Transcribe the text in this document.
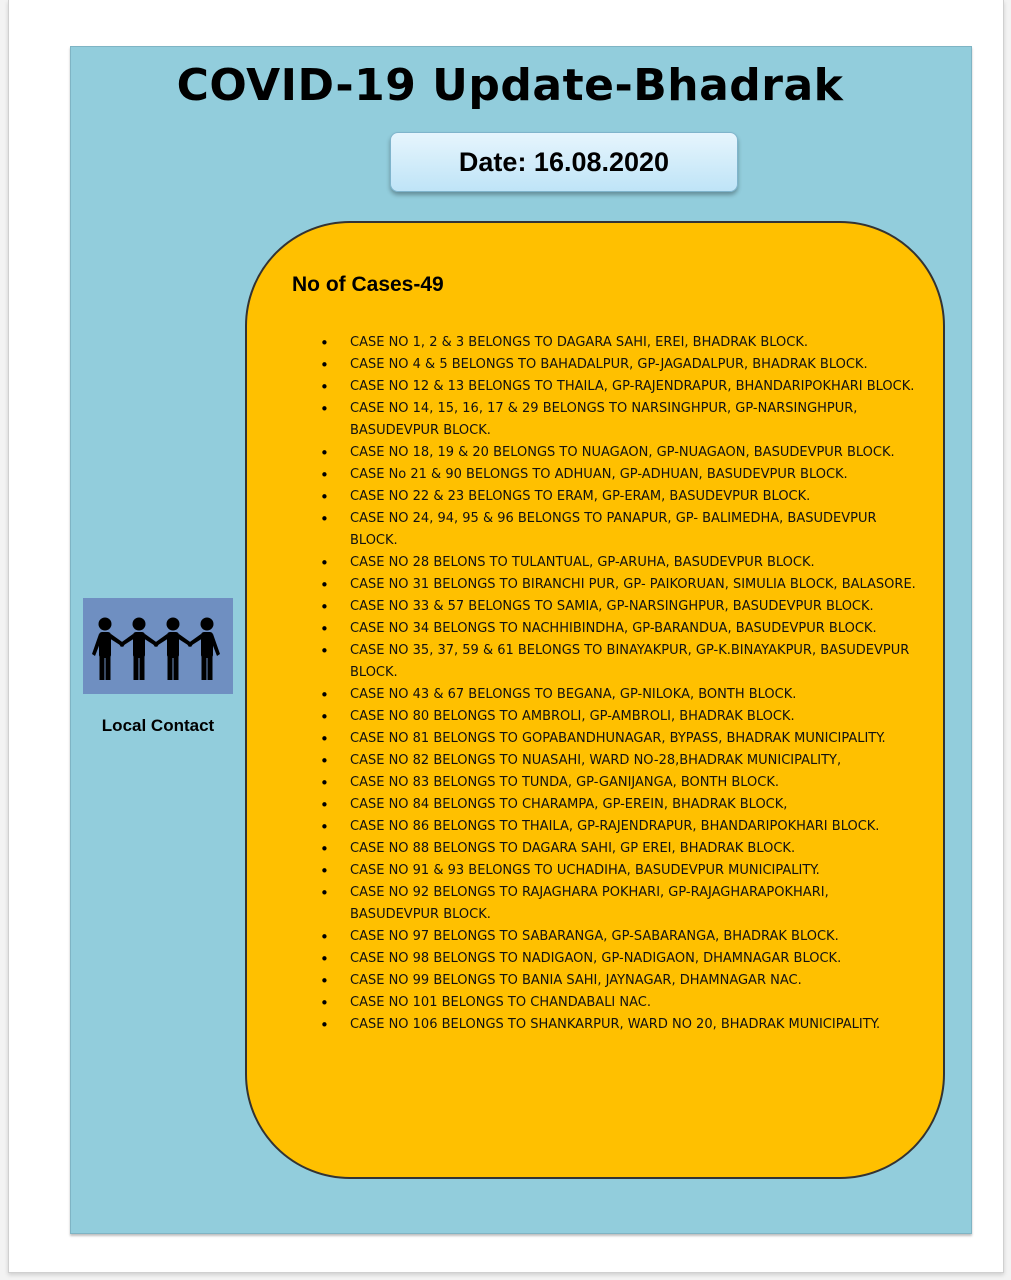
COVID-19 Update-Bhadrak
Date: 16.08.2020
No of Cases-49
• CASE NO 1, 2 & 3 BELONGS TO DAGARA SAHI, EREI, BHADRAK BLOCK.
• CASE NO 4 & 5 BELONGS TO BAHADALPUR, GP-JAGADALPUR, BHADRAK BLOCK.
• CASE NO 12 & 13 BELONGS TO THAILA, GP-RAJENDRAPUR, BHANDARIPOKHARI BLOCK.
• CASE NO 14, 15, 16, 17 & 29 BELONGS TO NARSINGHPUR, GP-NARSINGHPUR, BASUDEVPUR BLOCK.
• CASE NO 18, 19 & 20 BELONGS TO NUAGAON, GP-NUAGAON, BASUDEVPUR BLOCK.
• CASE No 21 & 90 BELONGS TO ADHUAN, GP-ADHUAN, BASUDEVPUR BLOCK.
• CASE NO 22 & 23 BELONGS TO ERAM, GP-ERAM, BASUDEVPUR BLOCK.
• CASE NO 24, 94, 95 & 96 BELONGS TO PANAPUR, GP- BALIMEDHA, BASUDEVPUR BLOCK.
• CASE NO 28 BELONS TO TULANTUAL, GP-ARUHA, BASUDEVPUR BLOCK.
• CASE NO 31 BELONGS TO BIRANCHI PUR, GP- PAIKORUAN, SIMULIA BLOCK, BALASORE.
• CASE NO 33 & 57 BELONGS TO SAMIA, GP-NARSINGHPUR, BASUDEVPUR BLOCK.
• CASE NO 34 BELONGS TO NACHHIBINDHA, GP-BARANDUA, BASUDEVPUR BLOCK.
• CASE NO 35, 37, 59 & 61 BELONGS TO BINAYAKPUR, GP-K.BINAYAKPUR, BASUDEVPUR BLOCK.
• CASE NO 43 & 67 BELONGS TO BEGANA, GP-NILOKA, BONTH BLOCK.
• CASE NO 80 BELONGS TO AMBROLI, GP-AMBROLI, BHADRAK BLOCK.
• CASE NO 81 BELONGS TO GOPABANDHUNAGAR, BYPASS, BHADRAK MUNICIPALITY.
• CASE NO 82 BELONGS TO NUASAHI, WARD NO-28,BHADRAK MUNICIPALITY,
• CASE NO 83 BELONGS TO TUNDA, GP-GANIJANGA, BONTH BLOCK.
• CASE NO 84 BELONGS TO CHARAMPA, GP-EREIN, BHADRAK BLOCK,
• CASE NO 86 BELONGS TO THAILA, GP-RAJENDRAPUR, BHANDARIPOKHARI BLOCK.
• CASE NO 88 BELONGS TO DAGARA SAHI, GP EREI, BHADRAK BLOCK.
• CASE NO 91 & 93 BELONGS TO UCHADIHA, BASUDEVPUR MUNICIPALITY.
• CASE NO 92 BELONGS TO RAJAGHARA POKHARI, GP-RAJAGHARAPOKHARI, BASUDEVPUR BLOCK.
• CASE NO 97 BELONGS TO SABARANGA, GP-SABARANGA, BHADRAK BLOCK.
• CASE NO 98 BELONGS TO NADIGAON, GP-NADIGAON, DHAMNAGAR BLOCK.
• CASE NO 99 BELONGS TO BANIA SAHI, JAYNAGAR, DHAMNAGAR NAC.
• CASE NO 101 BELONGS TO CHANDABALI NAC.
• CASE NO 106 BELONGS TO SHANKARPUR, WARD NO 20, BHADRAK MUNICIPALITY.
Local Contact
